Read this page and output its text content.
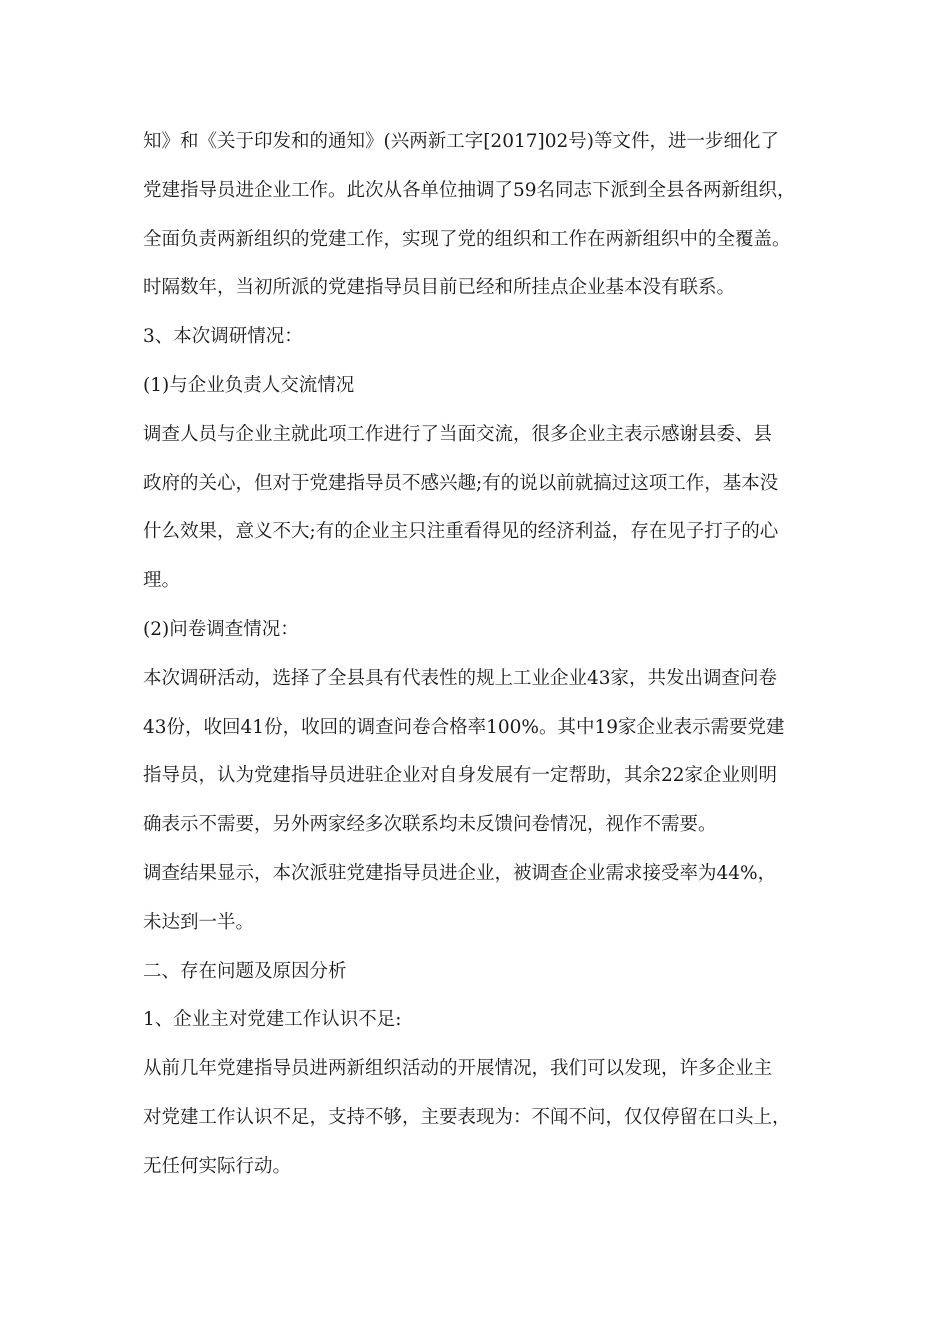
知》和《关于印发和的通知》(兴两新工字[2017]02号)等文件，进一步细化了
党建指导员进企业工作。此次从各单位抽调了59名同志下派到全县各两新组织，
全面负责两新组织的党建工作，实现了党的组织和工作在两新组织中的全覆盖。
时隔数年，当初所派的党建指导员目前已经和所挂点企业基本没有联系。
3、本次调研情况：
(1)与企业负责人交流情况
调查人员与企业主就此项工作进行了当面交流，很多企业主表示感谢县委、县
政府的关心，但对于党建指导员不感兴趣;有的说以前就搞过这项工作，基本没
什么效果，意义不大;有的企业主只注重看得见的经济利益，存在见子打子的心
理。
(2)问卷调查情况：
本次调研活动，选择了全县具有代表性的规上工业企业43家，共发出调查问卷
43份，收回41份，收回的调查问卷合格率100%。其中19家企业表示需要党建
指导员，认为党建指导员进驻企业对自身发展有一定帮助，其余22家企业则明
确表示不需要，另外两家经多次联系均未反馈问卷情况，视作不需要。
调查结果显示，本次派驻党建指导员进企业，被调查企业需求接受率为44%，
未达到一半。
二、存在问题及原因分析
1、企业主对党建工作认识不足:
从前几年党建指导员进两新组织活动的开展情况，我们可以发现，许多企业主
对党建工作认识不足，支持不够，主要表现为：不闻不问，仅仅停留在口头上，
无任何实际行动。
